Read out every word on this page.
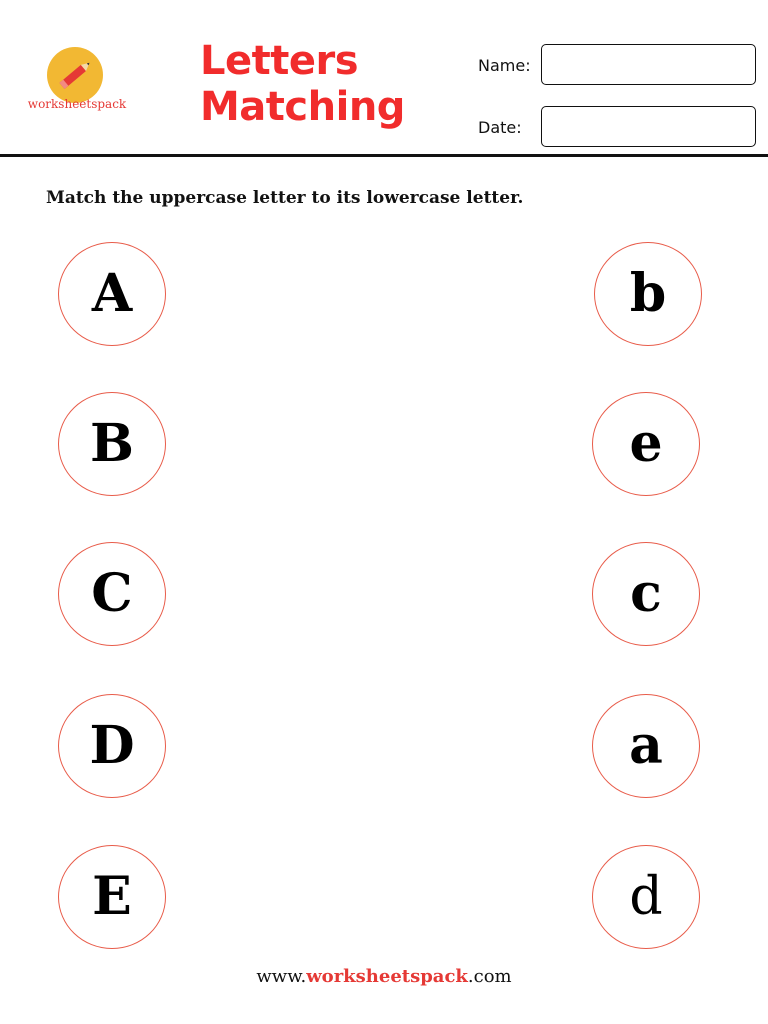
worksheetspack
Letters
Matching
Name:
Date:
Match the uppercase letter to its lowercase letter.
A
B
C
D
E
b
e
c
a
d
www.worksheetspack.com
